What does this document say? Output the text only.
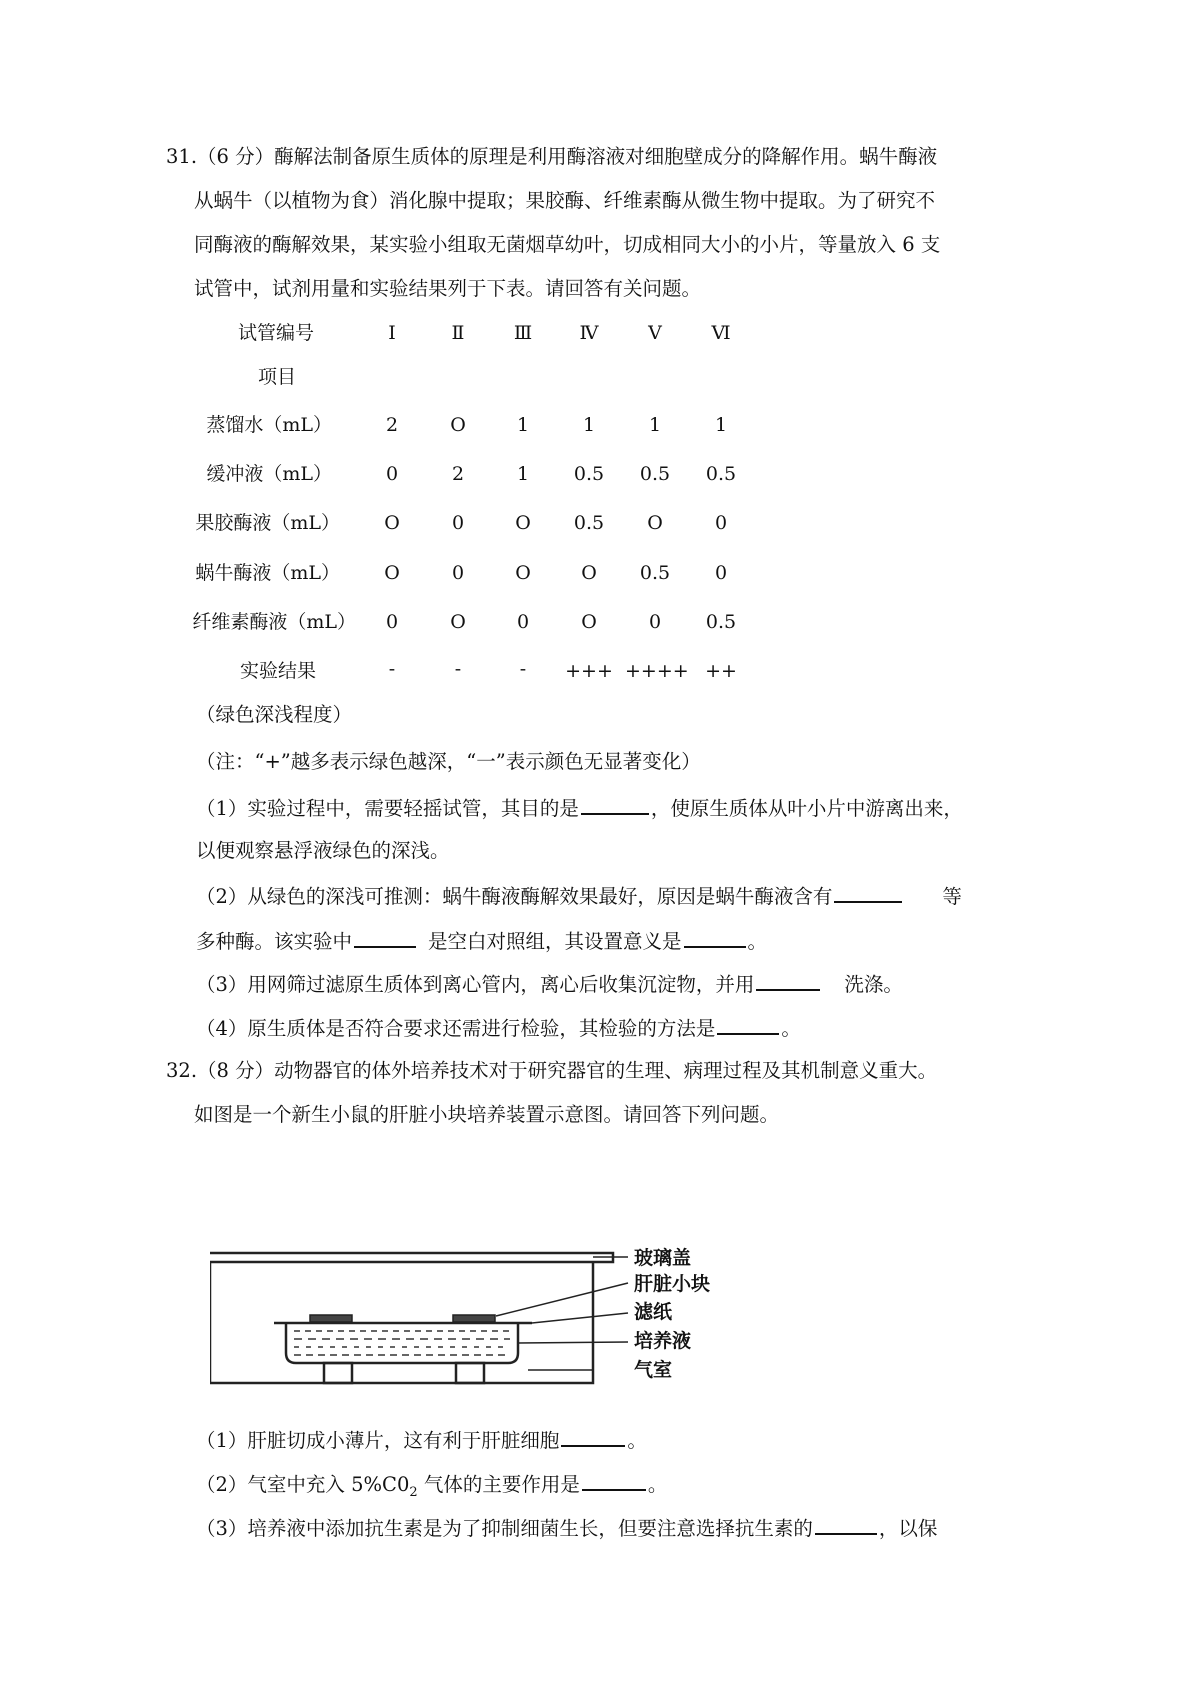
31.（6 分）酶解法制备原生质体的原理是利用酶溶液对细胞壁成分的降解作用。蜗牛酶液
从蜗牛（以植物为食）消化腺中提取；果胶酶、纤维素酶从微生物中提取。为了研究不
同酶液的酶解效果，某实验小组取无菌烟草幼叶，切成相同大小的小片，等量放入 6 支
试管中，试剂用量和实验结果列于下表。请回答有关问题。
试管编号	Ⅰ	Ⅱ	Ⅲ	Ⅳ	Ⅴ	Ⅵ
项目
蒸馏水（mL）	2	O	1	1	1	1
缓冲液（mL）	0	2	1	0.5	0.5	0.5
果胶酶液（mL）	O	0	O	0.5	O	0
蜗牛酶液（mL）	O	0	O	O	0.5	0
纤维素酶液（mL）	0	O	0	O	0	0.5
实验结果	-	-	-	+++ ++++ ++
（绿色深浅程度）
（注：“+”越多表示绿色越深，“一”表示颜色无显著变化）
（1）实验过程中，需要轻摇试管，其目的是	，使原生质体从叶小片中游离出来，
以便观察悬浮液绿色的深浅。
（2）从绿色的深浅可推测：蜗牛酶液酶解效果最好，原因是蜗牛酶液含有	等
多种酶。该实验中	是空白对照组，其设置意义是	。
（3）用网筛过滤原生质体到离心管内，离心后收集沉淀物，并用	洗涤。
（4）原生质体是否符合要求还需进行检验，其检验的方法是	。
32.（8 分）动物器官的体外培养技术对于研究器官的生理、病理过程及其机制意义重大。
如图是一个新生小鼠的肝脏小块培养装置示意图。请回答下列问题。
玻璃盖
肝脏小块
滤纸
培养液
气室
（1）肝脏切成小薄片，这有利于肝脏细胞	。
（2）气室中充入 $5\%C0_2$ 气体的主要作用是	。
（3）培养液中添加抗生素是为了抑制细菌生长，但要注意选择抗生素的	，以保
